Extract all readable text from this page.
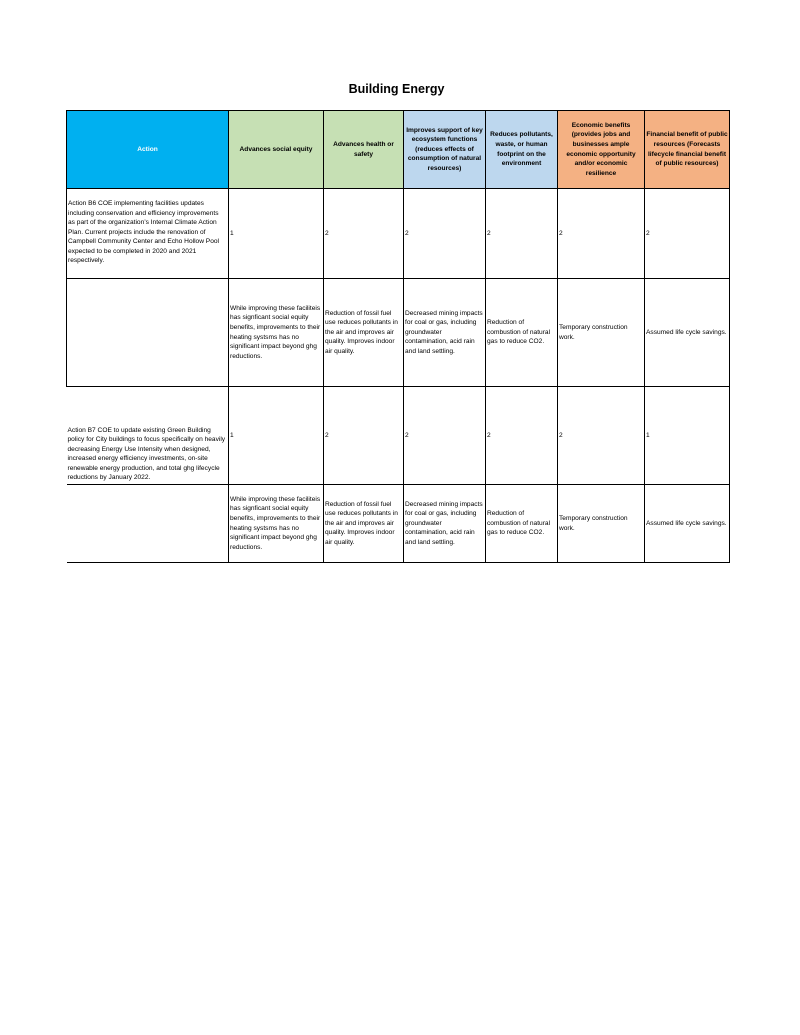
Building Energy
Action	Advances social equity	Advances health or safety	Improves support of key ecosystem functions (reduces effects of consumption of natural resources)	Reduces pollutants, waste, or human footprint on the environment	Economic benefits (provides jobs and businesses ample economic opportunity and/or economic resilience	Financial benefit of public resources (Forecasts lifecycle financial benefit of public resources)
Action B6 COE implementing facilities updates including conservation and efficiency improvements as part of the organization’s Internal Climate Action Plan. Current projects include the renovation of Campbell Community Center and Echo Hollow Pool expected to be completed in 2020 and 2021 respectively.	1	2	2	2	2	2
	While improving these faciliteis has signficant social equity benefits, improvements to their heating systsms has no significant impact beyond ghg reductions.	Reduction of fossil fuel use reduces pollutants in the air and improves air quality. Improves indoor air quality.	Decreased mining impacts for coal or gas, including groundwater contamination, acid rain and land settling.	Reduction of combustion of natural gas to reduce CO2.	Temporary construction work.	Assumed life cycle savings.
Action B7 COE to update existing Green Building policy for City buildings to focus specifically on heavily decreasing Energy Use Intensity when designed, increased energy efficiency investments, on-site renewable energy production, and total ghg lifecycle reductions by January 2022.	1	2	2	2	2	1
	While improving these faciliteis has signficant social equity benefits, improvements to their heating systsms has no significant impact beyond ghg reductions.	Reduction of fossil fuel use reduces pollutants in the air and improves air quality. Improves indoor air quality.	Decreased mining impacts for coal or gas, including groundwater contamination, acid rain and land settling.	Reduction of combustion of natural gas to reduce CO2.	Temporary construction work.	Assumed life cycle savings.
